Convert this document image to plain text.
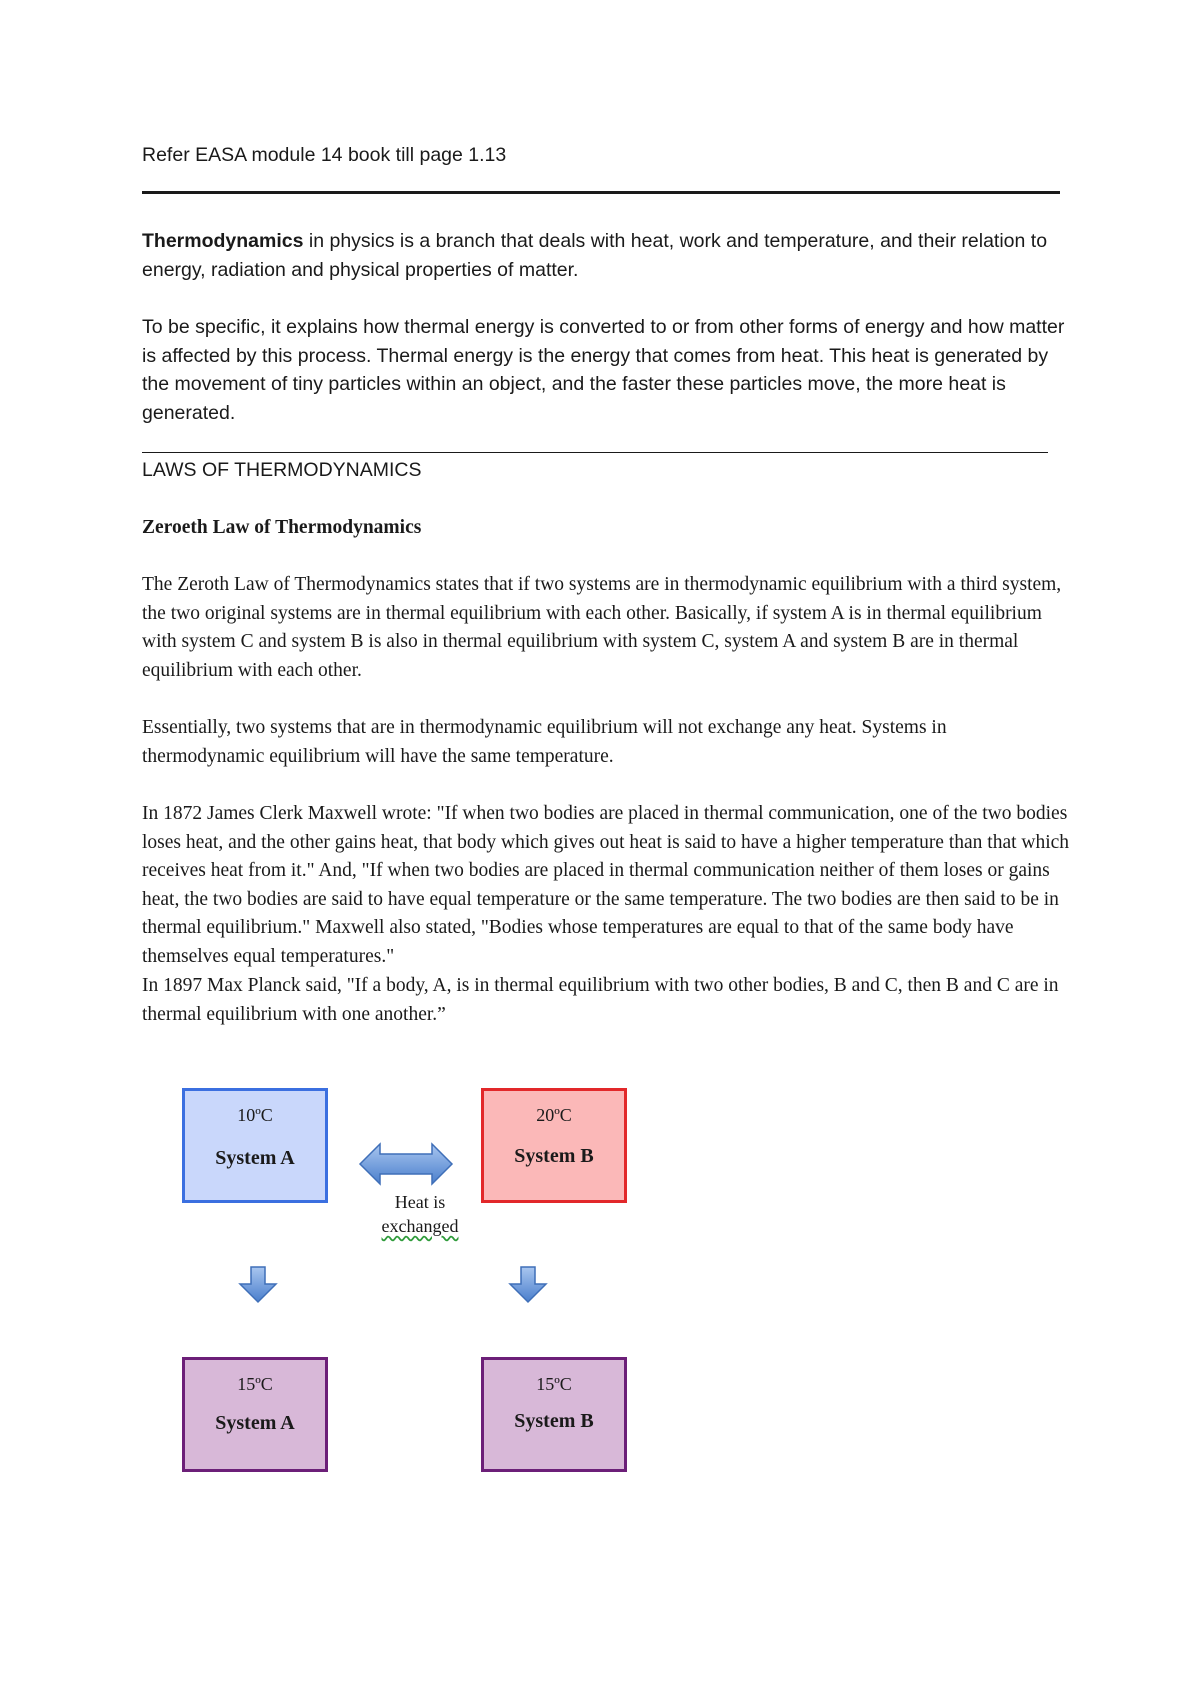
Refer EASA module 14 book till page 1.13

Thermodynamics in physics is a branch that deals with heat, work and temperature, and their relation to energy, radiation and physical properties of matter.

To be specific, it explains how thermal energy is converted to or from other forms of energy and how matter is affected by this process. Thermal energy is the energy that comes from heat. This heat is generated by the movement of tiny particles within an object, and the faster these particles move, the more heat is generated.

LAWS OF THERMODYNAMICS

Zeroeth Law of Thermodynamics

The Zeroth Law of Thermodynamics states that if two systems are in thermodynamic equilibrium with a third system, the two original systems are in thermal equilibrium with each other. Basically, if system A is in thermal equilibrium with system C and system B is also in thermal equilibrium with system C, system A and system B are in thermal equilibrium with each other.

Essentially, two systems that are in thermodynamic equilibrium will not exchange any heat. Systems in thermodynamic equilibrium will have the same temperature.

In 1872 James Clerk Maxwell wrote: "If when two bodies are placed in thermal communication, one of the two bodies loses heat, and the other gains heat, that body which gives out heat is said to have a higher temperature than that which receives heat from it." And, "If when two bodies are placed in thermal communication neither of them loses or gains heat, the two bodies are said to have equal temperature or the same temperature. The two bodies are then said to be in thermal equilibrium." Maxwell also stated, "Bodies whose temperatures are equal to that of the same body have themselves equal temperatures."

In 1897 Max Planck said, "If a body, A, is in thermal equilibrium with two other bodies, B and C, then B and C are in thermal equilibrium with one another.”

10ºC
System A
20ºC
System B
Heat is
exchanged
15ºC
System A
15ºC
System B
